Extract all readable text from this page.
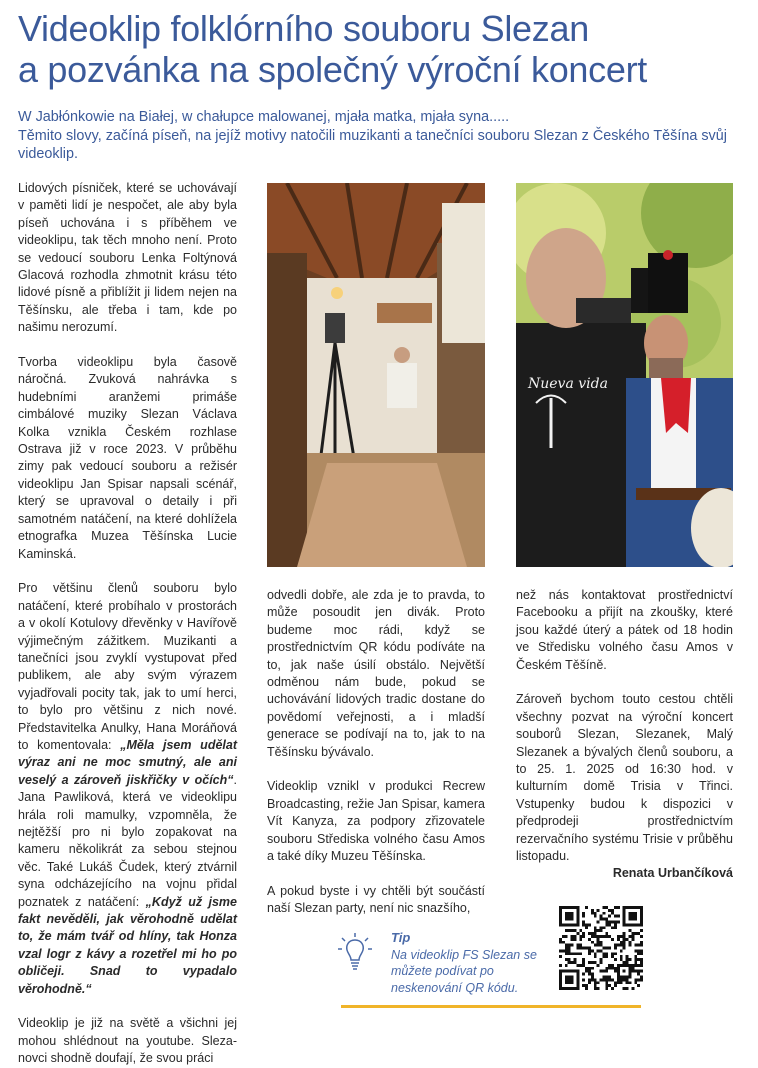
Videoklip folklórního souboru Slezan
a pozvánka na společný výroční koncert
W Jabłónkowie na Białej, w chałupce malowanej, mjała matka, mjała syna.....
Těmito slovy, začíná píseň, na jejíž motivy natočili muzikanti a tanečníci souboru Slezan z Českého Těšína svůj videoklip.

Lidových písniček, které se uchovávají v paměti lidí je nespočet, ale aby byla píseň uchována i s příběhem ve videoklipu, tak těch mnoho není. Proto se vedoucí souboru Lenka Foltýnová Glacová rozhodla zhmotnit krásu této lidové písně a přiblížit ji lidem nejen na Těšínsku, ale třeba i tam, kde po našimu nerozumí.

Tvorba videoklipu byla časově náročná. Zvuková nahrávka s hudebními aranžemi primáše cimbálové muziky Slezan Václava Kolka vznikla Českém rozhlase Ostrava již v roce 2023. V průběhu zimy pak vedoucí souboru a režisér videoklipu Jan Spisar napsali scénář, který se upravoval o detaily i při samotném natáčení, na které dohlížela etnografka Muzea Těšínska Lucie Kaminská.

Pro většinu členů souboru bylo natáčení, které probíhalo v prostorách a v okolí Kotulovy dřevěnky v Havířově výjimečným zážitkem. Muzikanti a tanečníci jsou zvyklí vystupovat před publikem, ale aby svým výrazem vyjadřovali pocity tak, jak to umí herci, to bylo pro většinu z nich nové. Představitelka Anulky, Hana Moráňová to komentovala: „Měla jsem udělat výraz ani ne moc smutný, ale ani veselý a zároveň jiskřičky v očích“. Jana Pawliková, která ve videoklipu hrála roli mamulky, vzpomněla, že nejtěžší pro ni bylo zopakovat na kameru několikrát za sebou stejnou věc. Také Lukáš Čudek, který ztvárnil syna odcházejícího na vojnu přidal poznatek z natáčení: „Když už jsme fakt nevěděli, jak věrohodně udělat to, že mám tvář od hlíny, tak Honza vzal logr z kávy a rozetřel mi ho po obličeji. Snad to vypadalo věrohodně.“

Videoklip je již na světě a všichni jej mohou shlédnout na youtube. Slezanovci shodně doufají, že svou práci

Nueva vida

odvedli dobře, ale zda je to pravda, to může posoudit jen divák. Proto budeme moc rádi, když se prostřednictvím QR kódu podíváte na to, jak naše úsilí obstálo. Největší odměnou nám bude, pokud se uchovávání lidových tradic dostane do povědomí veřejnosti, a i mladší generace se podívají na to, jak to na Těšínsku bývávalo.

Videoklip vznikl v produkci Recrew Broadcasting, režie Jan Spisar, kamera Vít Kanyza, za podpory zřizovatele souboru Střediska volného času Amos a také díky Muzeu Těšínska.

A pokud byste i vy chtěli být součástí naší Slezan party, není nic snazšího,

než nás kontaktovat prostřednictví Facebooku a přijít na zkoušky, které jsou každé úterý a pátek od 18 hodin ve Středisku volného času Amos v Českém Těšíně.

Zároveň bychom touto cestou chtěli všechny pozvat na výroční koncert souborů Slezan, Slezanek, Malý Slezanek a bývalých členů souboru, a to 25. 1. 2025 od 16:30 hod. v kulturním domě Trisia v Třinci. Vstupenky budou k dispozici v předprodeji prostřednictvím rezervačního systému Trisie v průběhu listopadu.

Renata Urbančíková

Tip
Na videoklip FS Slezan se
můžete podívat po
neskenování QR kódu.
